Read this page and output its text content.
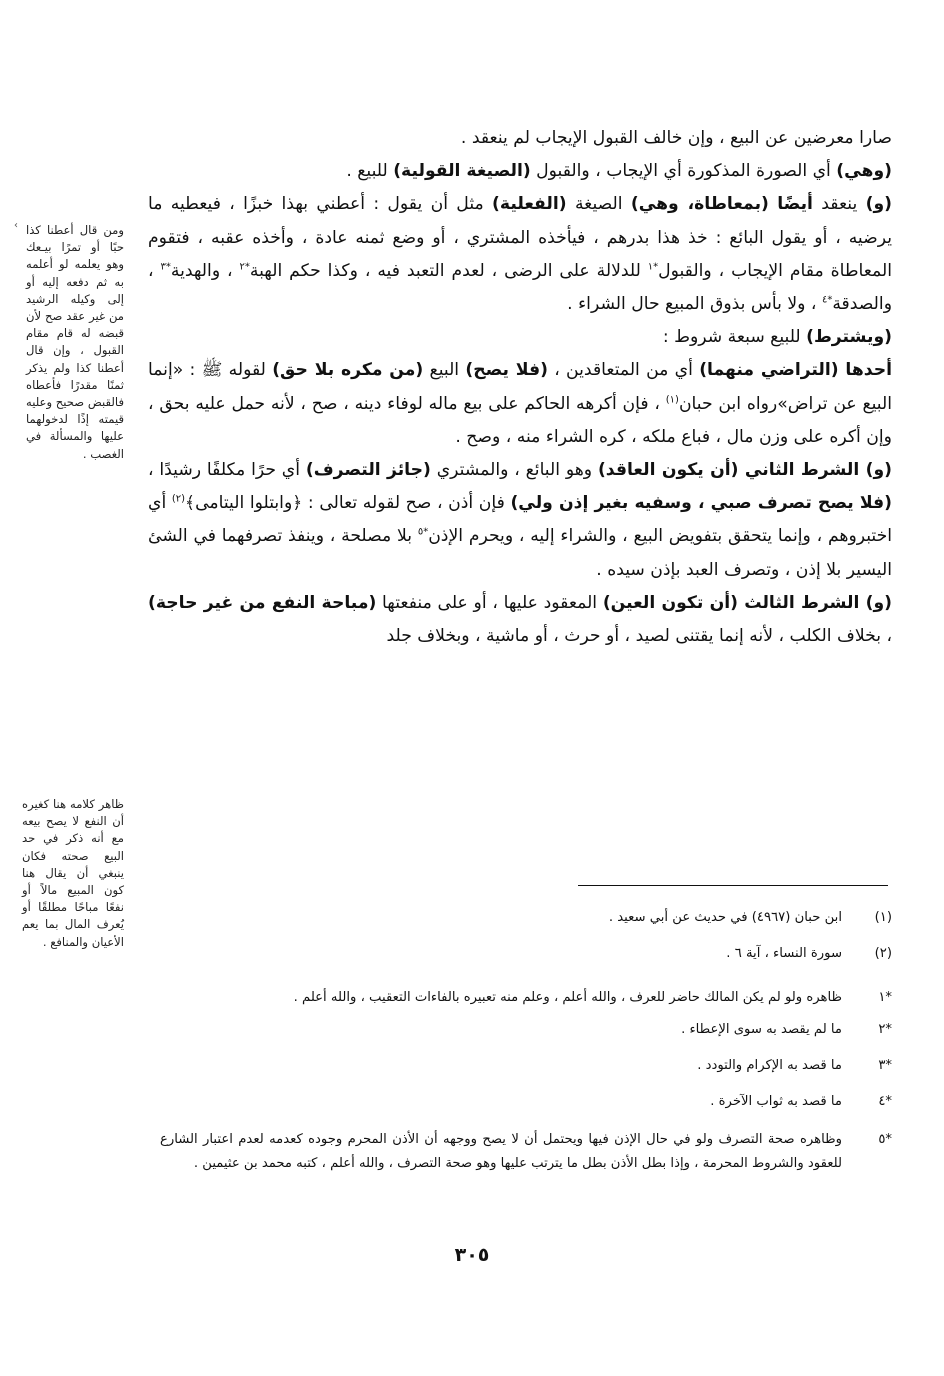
صارا معرضين عن البيع ، وإن خالف القبول الإيجاب لم ينعقد .

(وهي) أي الصورة المذكورة أي الإيجاب ، والقبول (الصيغة القولية) للبيع .

(و) ينعقد أيضًا (بمعاطاة، وهي) الصيغة (الفعلية) مثل أن يقول : أعطني بهذا خبزًا ، فيعطيه ما يرضيه ، أو يقول البائع : خذ هذا بدرهم ، فيأخذه المشتري ، أو وضع ثمنه عادة ، وأخذه عقبه ، فتقوم المعاطاة مقام الإيجاب ، والقبول$^{*١}$ للدلالة على الرضى ، لعدم التعبد فيه ، وكذا حكم الهبة$^{*٢}$ ، والهدية$^{*٣}$ ، والصدقة$^{*٤}$ ، ولا بأس بذوق المبيع حال الشراء .

(ويشترط) للبيع سبعة شروط :

أحدها (التراضي منهما) أي من المتعاقدين ، (فلا يصح) البيع (من مكره بلا حق) لقوله ﷺ : «إنما البيع عن تراض»رواه ابن حبان$^{(١)}$ ، فإن أكرهه الحاكم على بيع ماله لوفاء دينه ، صح ، لأنه حمل عليه بحق ، وإن أكره على وزن مال ، فباع ملكه ، كره الشراء منه ، وصح .

(و) الشرط الثاني (أن يكون العاقد) وهو البائع ، والمشتري (جائز التصرف) أي حرًا مكلفًا رشيدًا ، (فلا يصح تصرف صبي ، وسفيه بغير إذن ولي) فإن أذن ، صح لقوله تعالى : ﴿وابتلوا اليتامى﴾$^{(٢)}$ أي اختبروهم ، وإنما يتحقق بتفويض البيع ، والشراء إليه ، ويحرم الإذن$^{*٥}$ بلا مصلحة ، وينفذ تصرفهما في الشئ اليسير بلا إذن ، وتصرف العبد بإذن سيده .

(و) الشرط الثالث (أن تكون العين) المعقود عليها ، أو على منفعتها (مباحة النفع من غير حاجة) ، بخلاف الكلب ، لأنه إنما يقتنى لصيد ، أو حرث ، أو ماشية ، وبخلاف جلد

‹ ومن قال أعطنا كذا حبًا أو تمرًا بيـعك وهو يعلمه لو أعلمه به ثم دفعه إليه أو إلى وكيله الرشيد من غير عقد صح لأن قبضه له قام مقام القبول ، وإن قال أعطنا كذا ولم يذكر ثمنًا مقدرًا فأعطاه فالقبض صحيح وعليه قيمته إذًا لدخولهما عليها والمسألة في الغصب .
ظاهر كلامه هنا كغيره أن النفع لا يصح بيعه مع أنه ذكر في حد البيع صحته فكان ينبغي أن يقال هنا كون المبيع مالاً أو نفعًا مباحًا مطلقًا أو يُعرف المال بما يعم الأعيان والمنافع .
(١)
ابن حبان (٤٩٦٧) في حديث عن أبي سعيد .
(٢)
سورة النساء ، آية ٦ .
*١
ظاهره ولو لم يكن المالك حاضر للعرف ، والله أعلم ، وعلم منه تعبيره بالفاءات التعقيب ، والله أعلم .
*٢
ما لم يقصد به سوى الإعطاء .
*٣
ما قصد به الإكرام والتودد .
*٤
ما قصد به ثواب الآخرة .
*٥
وظاهره صحة التصرف ولو في حال الإذن فيها ويحتمل أن لا يصح ووجهه أن الأذن المحرم وجوده كعدمه لعدم اعتبار الشارع للعقود والشروط المحرمة ، وإذا بطل الأذن بطل ما يترتب عليها وهو صحة التصرف ، والله أعلم ، كتبه محمد بن عثيمين .
٣٠٥
